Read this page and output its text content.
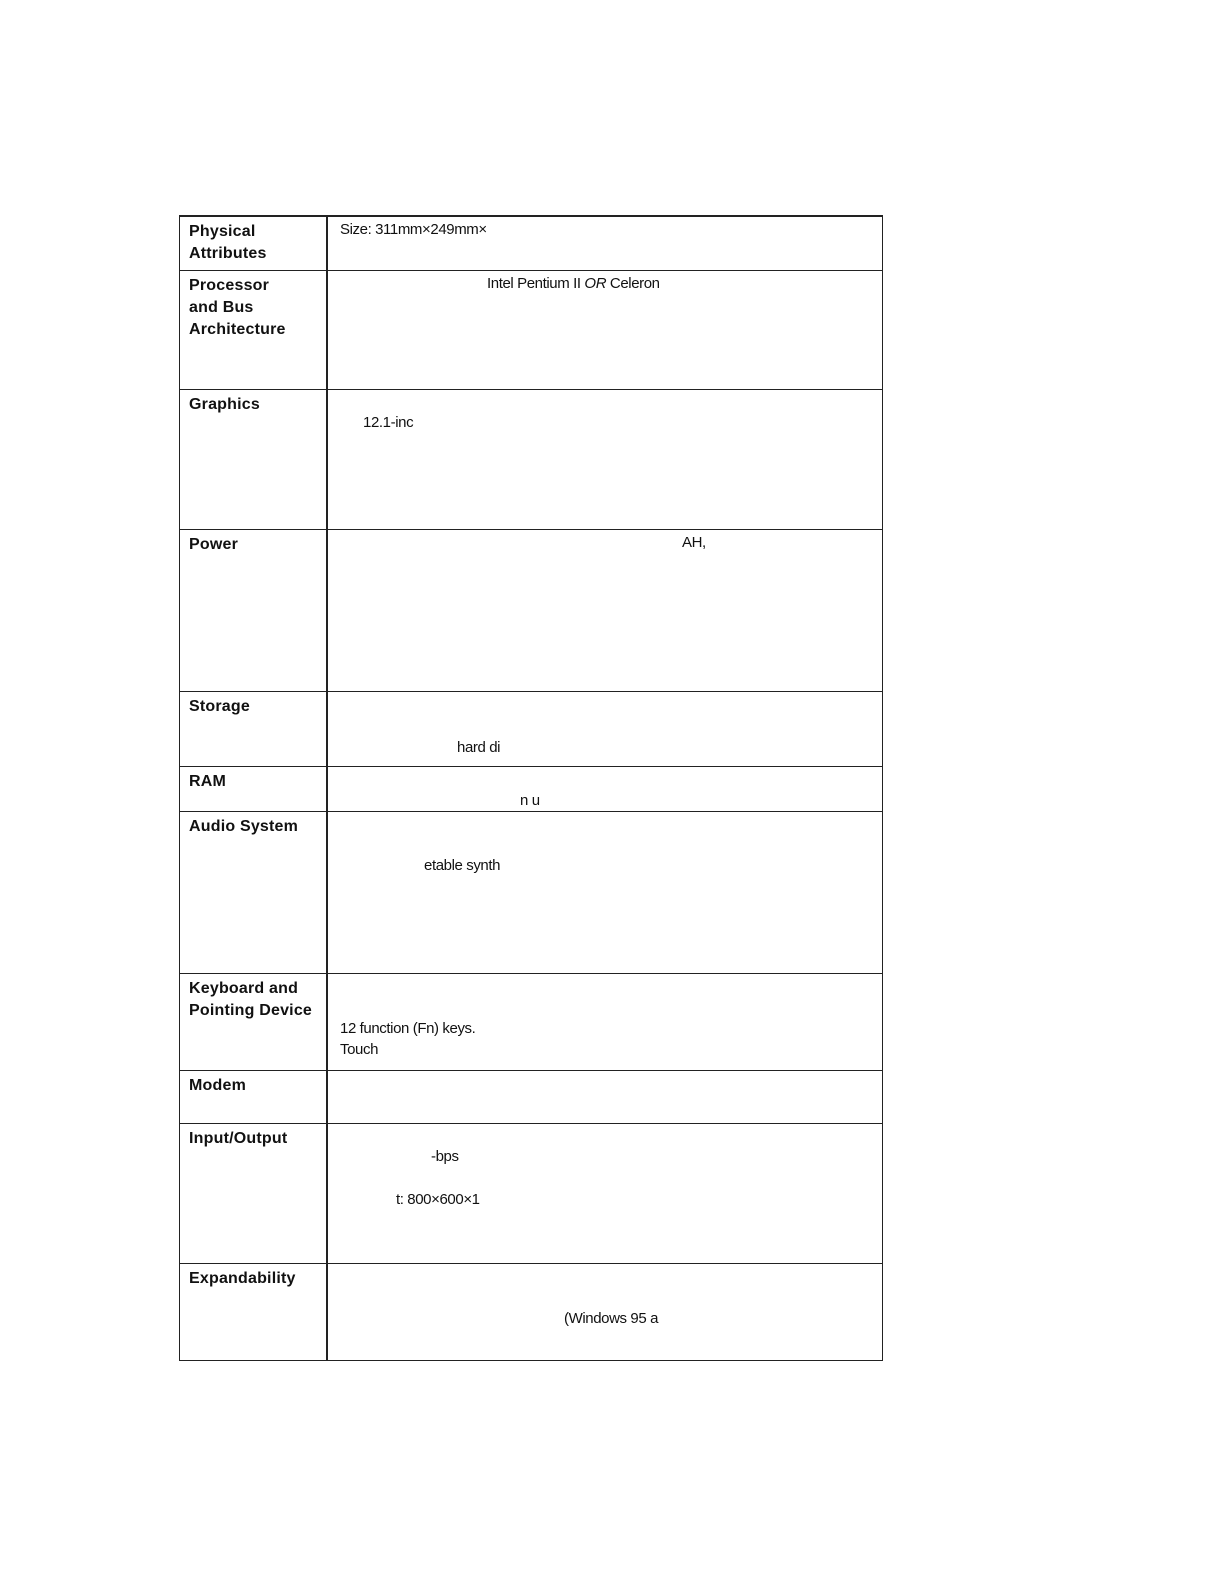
Physical
Attributes
Size: 311mm×249mm×
Processor
and Bus
Architecture
Intel Pentium II OR Celeron
Graphics
12.1-inc
Power	AH,
Storage
hard di
RAM
n u
Audio System
etable synth
Keyboard and
Pointing Device
12 function (Fn) keys.
Touch
Modem
Input/Output
-bps
t: 800×600×1
Expandability
(Windows 95 a
